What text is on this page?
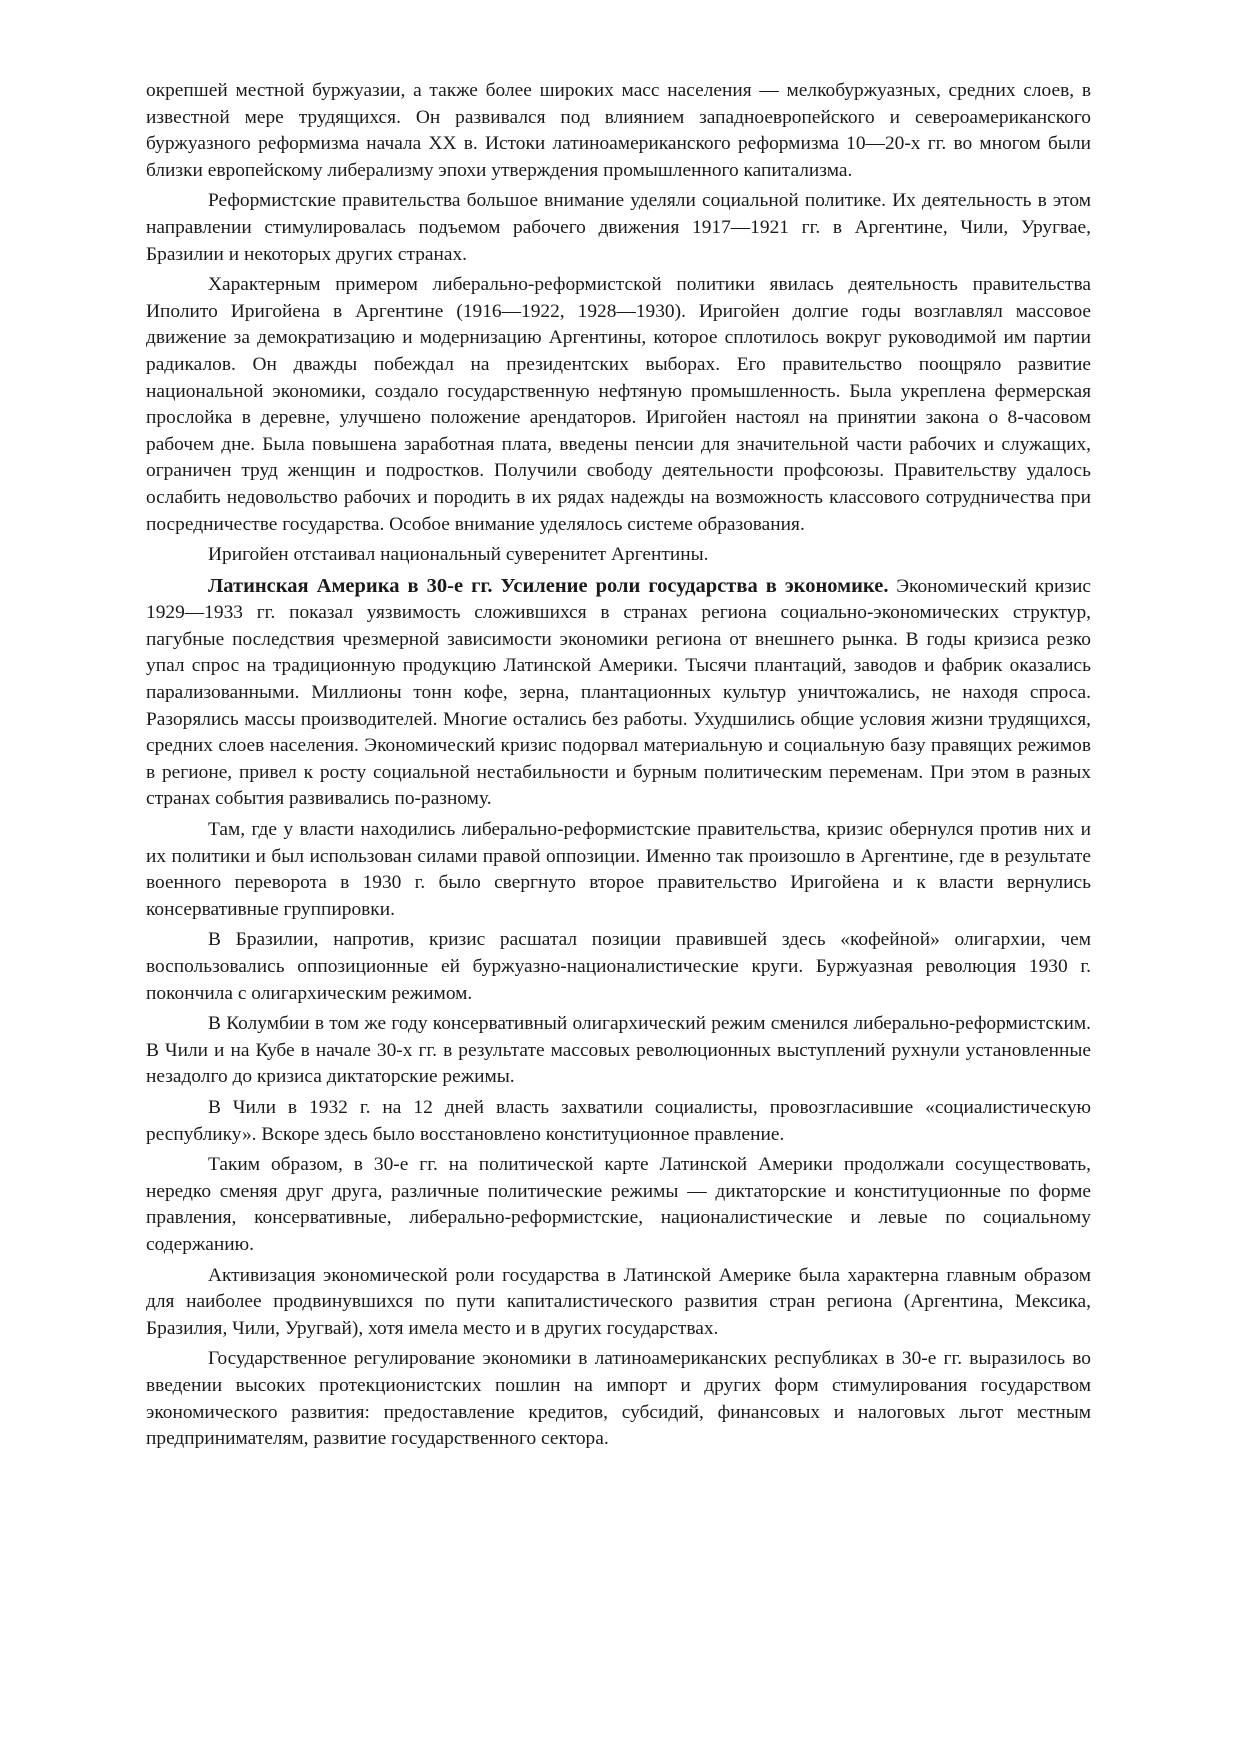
окрепшей местной буржуазии, а также более широких масс населения — мелкобуржуазных, средних слоев, в известной мере трудящихся. Он развивался под влиянием западноевропейского и североамериканского буржуазного реформизма начала XX в. Истоки латиноамериканского реформизма 10—20-х гг. во многом были близки европейскому либерализму эпохи утверждения промышленного капитализма.

Реформистские правительства большое внимание уделяли социальной политике. Их деятельность в этом направлении стимулировалась подъемом рабочего движения 1917—1921 гг. в Аргентине, Чили, Уругвае, Бразилии и некоторых других странах.

Характерным примером либерально-реформистской политики явилась деятельность правительства Иполито Иригойена в Аргентине (1916—1922, 1928—1930). Иригойен долгие годы возглавлял массовое движение за демократизацию и модернизацию Аргентины, которое сплотилось вокруг руководимой им партии радикалов. Он дважды побеждал на президентских выборах. Его правительство поощряло развитие национальной экономики, создало государственную нефтяную промышленность. Была укреплена фермерская прослойка в деревне, улучшено положение арендаторов. Иригойен настоял на принятии закона о 8-часовом рабочем дне. Была повышена заработная плата, введены пенсии для значительной части рабочих и служащих, ограничен труд женщин и подростков. Получили свободу деятельности профсоюзы. Правительству удалось ослабить недовольство рабочих и породить в их рядах надежды на возможность классового сотрудничества при посредничестве государства. Особое внимание уделялось системе образования.

Иригойен отстаивал национальный суверенитет Аргентины.

Латинская Америка в 30-е гг. Усиление роли государства в экономике. Экономический кризис 1929—1933 гг. показал уязвимость сложившихся в странах региона социально-экономических структур, пагубные последствия чрезмерной зависимости экономики региона от внешнего рынка. В годы кризиса резко упал спрос на традиционную продукцию Латинской Америки. Тысячи плантаций, заводов и фабрик оказались парализованными. Миллионы тонн кофе, зерна, плантационных культур уничтожались, не находя спроса. Разорялись массы производителей. Многие остались без работы. Ухудшились общие условия жизни трудящихся, средних слоев населения. Экономический кризис подорвал материальную и социальную базу правящих режимов в регионе, привел к росту социальной нестабильности и бурным политическим переменам. При этом в разных странах события развивались по-разному.

Там, где у власти находились либерально-реформистские правительства, кризис обернулся против них и их политики и был использован силами правой оппозиции. Именно так произошло в Аргентине, где в результате военного переворота в 1930 г. было свергнуто второе правительство Иригойена и к власти вернулись консервативные группировки.

В Бразилии, напротив, кризис расшатал позиции правившей здесь «кофейной» олигархии, чем воспользовались оппозиционные ей буржуазно-националистические круги. Буржуазная революция 1930 г. покончила с олигархическим режимом.

В Колумбии в том же году консервативный олигархический режим сменился либерально-реформистским. В Чили и на Кубе в начале 30-х гг. в результате массовых революционных выступлений рухнули установленные незадолго до кризиса диктаторские режимы.

В Чили в 1932 г. на 12 дней власть захватили социалисты, провозгласившие «социалистическую республику». Вскоре здесь было восстановлено конституционное правление.

Таким образом, в 30-е гг. на политической карте Латинской Америки продолжали сосуществовать, нередко сменяя друг друга, различные политические режимы — диктаторские и конституционные по форме правления, консервативные, либерально-реформистские, националистические и левые по социальному содержанию.

Активизация экономической роли государства в Латинской Америке была характерна главным образом для наиболее продвинувшихся по пути капиталистического развития стран региона (Аргентина, Мексика, Бразилия, Чили, Уругвай), хотя имела место и в других государствах.

Государственное регулирование экономики в латиноамериканских республиках в 30-е гг. выразилось во введении высоких протекционистских пошлин на импорт и других форм стимулирования государством экономического развития: предоставление кредитов, субсидий, финансовых и налоговых льгот местным предпринимателям, развитие государственного сектора.
